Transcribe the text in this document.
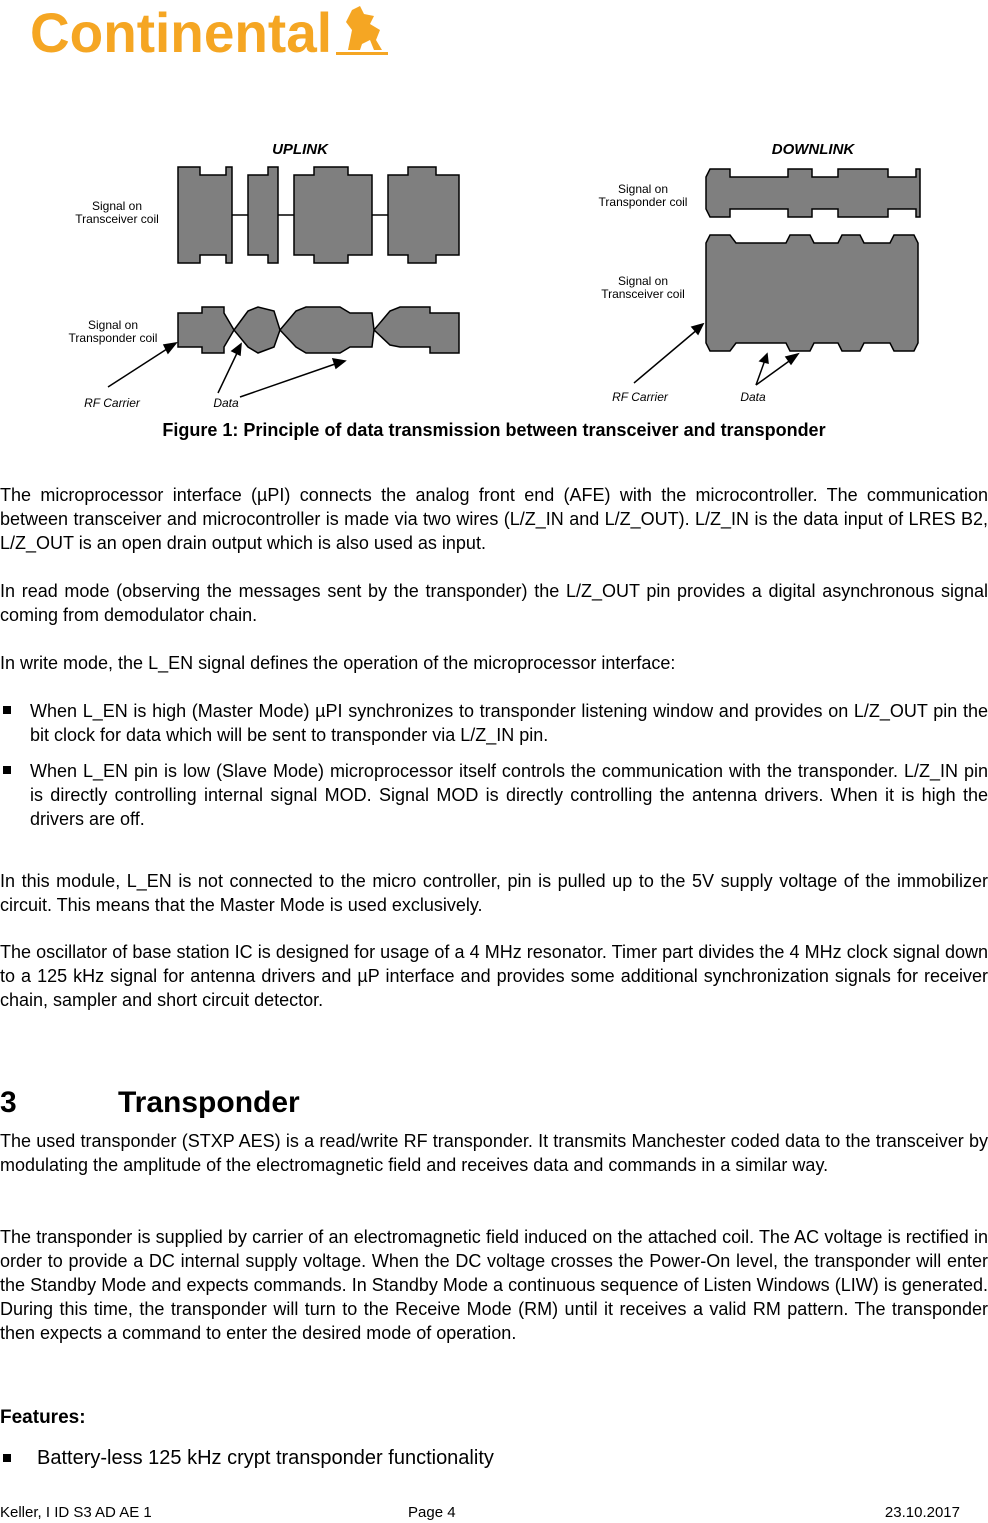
Continental
UPLINK
Signal on
Transceiver coil
Signal on
Transponder coil
RF Carrier	Data
DOWNLINK
Signal on
Transponder coil
Signal on
Transceiver coil
RF Carrier	Data
Figure 1: Principle of data transmission between transceiver and transponder

The microprocessor interface (µPI) connects the analog front end (AFE) with the microcontroller. The communication between transceiver and microcontroller is made via two wires (L/Z_IN and L/Z_OUT). L/Z_IN is the data input of LRES B2, L/Z_OUT is an open drain output which is also used as input.

In read mode (observing the messages sent by the transponder) the L/Z_OUT pin provides a digital asynchronous signal coming from demodulator chain.

In write mode, the L_EN signal defines the operation of the microprocessor interface:

When L_EN is high (Master Mode) µPI synchronizes to transponder listening window and provides on L/Z_OUT pin the bit clock for data which will be sent to transponder via L/Z_IN pin.
When L_EN pin is low (Slave Mode) microprocessor itself controls the communication with the transponder. L/Z_IN pin is directly controlling internal signal MOD. Signal MOD is directly controlling the antenna drivers. When it is high the drivers are off.

In this module, L_EN is not connected to the micro controller, pin is pulled up to the 5V supply voltage of the immobilizer circuit. This means that the Master Mode is used exclusively.

The oscillator of base station IC is designed for usage of a 4 MHz resonator. Timer part divides the 4 MHz clock signal down to a 125 kHz signal for antenna drivers and µP interface and provides some additional synchronization signals for receiver chain, sampler and short circuit detector.

3	Transponder

The used transponder (STXP AES) is a read/write RF transponder. It transmits Manchester coded data to the transceiver by modulating the amplitude of the electromagnetic field and receives data and commands in a similar way.

The transponder is supplied by carrier of an electromagnetic field induced on the attached coil. The AC voltage is rectified in order to provide a DC internal supply voltage. When the DC voltage crosses the Power-On level, the transponder will enter the Standby Mode and expects commands. In Standby Mode a continuous sequence of Listen Windows (LIW) is generated. During this time, the transponder will turn to the Receive Mode (RM) until it receives a valid RM pattern. The transponder then expects a command to enter the desired mode of operation.

Features:
Battery-less 125 kHz crypt transponder functionality
Keller, I ID S3 AD AE 1	Page 4	23.10.2017
